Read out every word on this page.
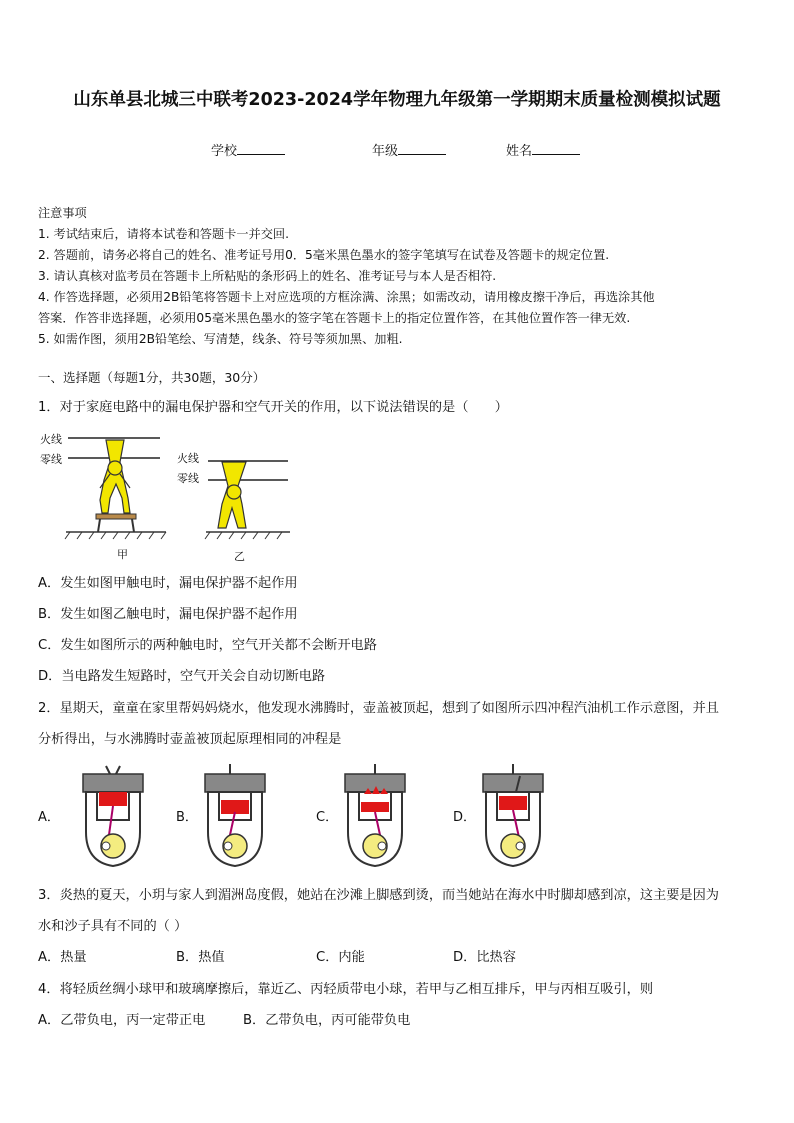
山东单县北城三中联考2023-2024学年物理九年级第一学期期末质量检测模拟试题
学校	年级	姓名
注意事项
1. 考试结束后，请将本试卷和答题卡一并交回.
2. 答题前，请务必将自己的姓名、准考证号用0．5毫米黑色墨水的签字笔填写在试卷及答题卡的规定位置.
3. 请认真核对监考员在答题卡上所粘贴的条形码上的姓名、准考证号与本人是否相符.
4. 作答选择题，必须用2B铅笔将答题卡上对应选项的方框涂满、涂黑；如需改动，请用橡皮擦干净后，再选涂其他
答案．作答非选择题，必须用05毫米黑色墨水的签字笔在答题卡上的指定位置作答，在其他位置作答一律无效.
5. 如需作图，须用2B铅笔绘、写清楚，线条、符号等须加黑、加粗.
一、选择题（每题1分，共30题，30分）
1．对于家庭电路中的漏电保护器和空气开关的作用，以下说法错误的是（　　）
火线
零线	火线
零线
甲	乙
A．发生如图甲触电时，漏电保护器不起作用
B．发生如图乙触电时，漏电保护器不起作用
C．发生如图所示的两种触电时，空气开关都不会断开电路
D．当电路发生短路时，空气开关会自动切断电路
2．星期天，童童在家里帮妈妈烧水，他发现水沸腾时，壶盖被顶起，想到了如图所示四冲程汽油机工作示意图，并且
分析得出，与水沸腾时壶盖被顶起原理相同的冲程是
A．	B．	C．	D．
3．炎热的夏天，小玥与家人到湄洲岛度假，她站在沙滩上脚感到烫，而当她站在海水中时脚却感到凉，这主要是因为
水和沙子具有不同的（ ）
A．热量	B．热值	C．内能	D．比热容
4．将轻质丝绸小球甲和玻璃摩擦后，靠近乙、丙轻质带电小球，若甲与乙相互排斥，甲与丙相互吸引，则
A．乙带负电，丙一定带正电	B．乙带负电，丙可能带负电
